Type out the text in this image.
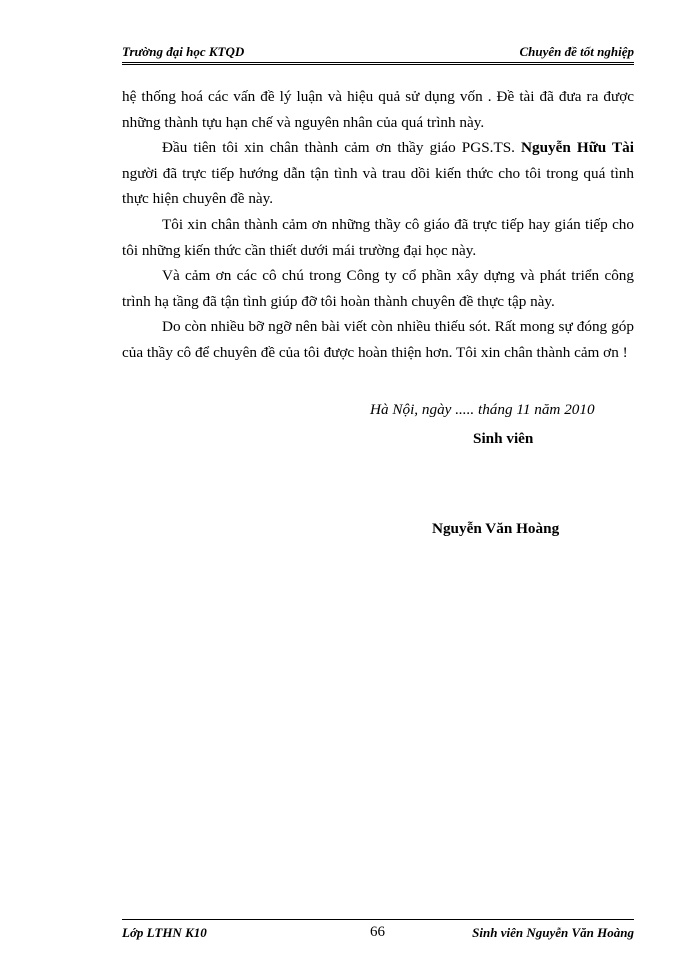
Trường đại học KTQD	Chuyên đề tốt nghiệp

hệ thống hoá các vấn đề lý luận và hiệu quả sử dụng vốn . Đề tài đã đưa ra được những thành tựu hạn chế và nguyên nhân của quá trình này.

Đầu tiên tôi xin chân thành cảm ơn thầy giáo PGS.TS. Nguyễn Hữu Tài người đã trực tiếp hướng dẫn tận tình và trau dồi kiến thức cho tôi trong quá tình thực hiện chuyên đề này.

Tôi xin chân thành cảm ơn những thầy cô giáo đã trực tiếp hay gián tiếp cho tôi những kiến thức cần thiết dưới mái trường đại học này.

Và cảm ơn các cô chú trong Công ty cổ phần xây dựng và phát triển công trình hạ tầng đã tận tình giúp đỡ tôi hoàn thành chuyên đề thực tập này.

Do còn nhiều bỡ ngỡ nên bài viết còn nhiều thiếu sót. Rất mong sự đóng góp của thầy cô để chuyên đề của tôi được hoàn thiện hơn. Tôi xin chân thành cảm ơn !

Hà Nội, ngày ..... tháng 11 năm 2010
Sinh viên
Nguyễn Văn Hoàng
Lớp LTHN K10	66	Sinh viên Nguyễn Văn Hoàng
